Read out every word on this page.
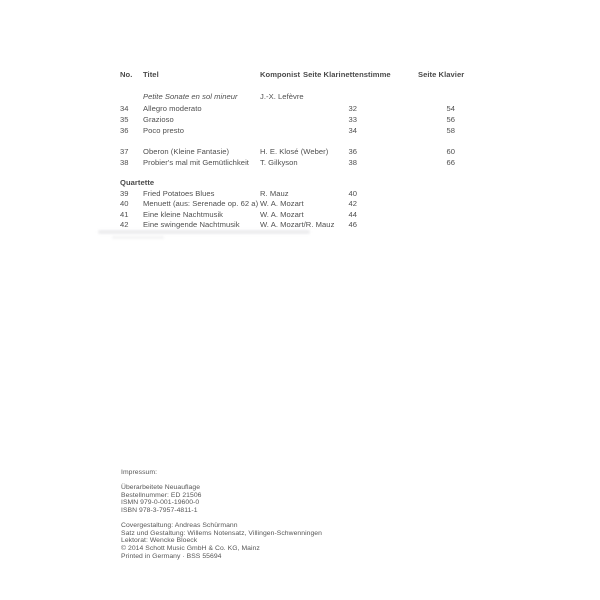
No. Titel	Komponist Seite Klarinettenstimme	Seite Klavier
Petite Sonate en sol mineur	J.-X. Lefèvre
34 Allegro moderato	32	54
35 Grazioso	33	56
36 Poco presto	34	58
37 Oberon (Kleine Fantasie)	H. E. Klosé (Weber)	36	60
38 Probier's mal mit Gemütlichkeit T. Gilkyson	38	66
Quartette
39 Fried Potatoes Blues	R. Mauz	40
40 Menuett (aus: Serenade op. 62 a) W. A. Mozart	42
41 Eine kleine Nachtmusik	W. A. Mozart	44
42 Eine swingende Nachtmusik	W. A. Mozart/R. Mauz	46
Impressum:
Überarbeitete Neuauflage
Bestellnummer: ED 21506
ISMN 979-0-001-19600-0
ISBN 978-3-7957-4811-1
Covergestaltung: Andreas Schürmann
Satz und Gestaltung: Willems Notensatz, Villingen-Schwenningen
Lektorat: Wencke Bloeck
© 2014 Schott Music GmbH & Co. KG, Mainz
Printed in Germany · BSS 55694
